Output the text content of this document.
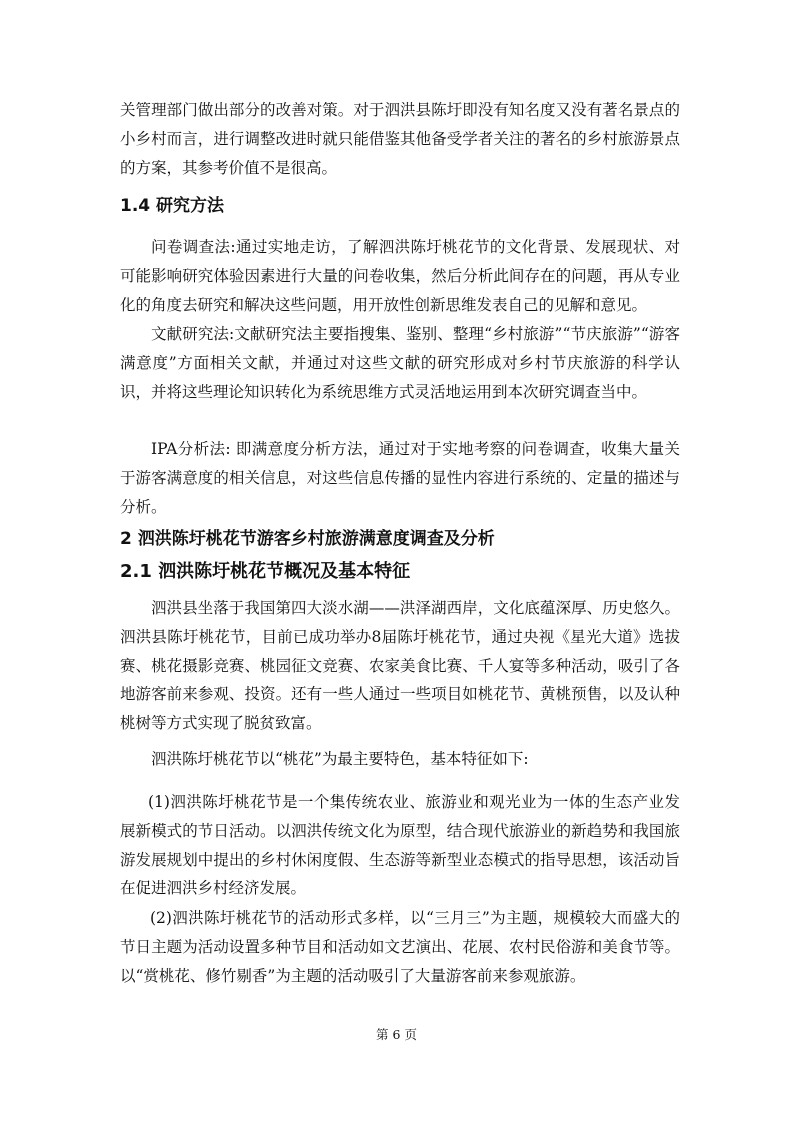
关管理部门做出部分的改善对策。对于泗洪县陈圩即没有知名度又没有著名景点的小乡村而言，进行调整改进时就只能借鉴其他备受学者关注的著名的乡村旅游景点的方案，其参考价值不是很高。

1.4 研究方法

问卷调查法:通过实地走访，了解泗洪陈圩桃花节的文化背景、发展现状、对可能影响研究体验因素进行大量的问卷收集，然后分析此间存在的问题，再从专业化的角度去研究和解决这些问题，用开放性创新思维发表自己的见解和意见。

文献研究法:文献研究法主要指搜集、鉴别、整理“乡村旅游”“节庆旅游”“游客满意度”方面相关文献，并通过对这些文献的研究形成对乡村节庆旅游的科学认识，并将这些理论知识转化为系统思维方式灵活地运用到本次研究调查当中。

IPA分析法: 即满意度分析方法，通过对于实地考察的问卷调查，收集大量关于游客满意度的相关信息，对这些信息传播的显性内容进行系统的、定量的描述与分析。

2 泗洪陈圩桃花节游客乡村旅游满意度调查及分析
2.1 泗洪陈圩桃花节概况及基本特征

泗洪县坐落于我国第四大淡水湖——洪泽湖西岸，文化底蕴深厚、历史悠久。泗洪县陈圩桃花节，目前已成功举办8届陈圩桃花节，通过央视《星光大道》选拔赛、桃花摄影竞赛、桃园征文竞赛、农家美食比赛、千人宴等多种活动，吸引了各地游客前来参观、投资。还有一些人通过一些项目如桃花节、黄桃预售，以及认种桃树等方式实现了脱贫致富。

泗洪陈圩桃花节以“桃花”为最主要特色，基本特征如下:

(1)泗洪陈圩桃花节是一个集传统农业、旅游业和观光业为一体的生态产业发展新模式的节日活动。以泗洪传统文化为原型，结合现代旅游业的新趋势和我国旅游发展规划中提出的乡村休闲度假、生态游等新型业态模式的指导思想，该活动旨在促进泗洪乡村经济发展。

(2)泗洪陈圩桃花节的活动形式多样，以“三月三”为主题，规模较大而盛大的节日主题为活动设置多种节目和活动如文艺演出、花展、农村民俗游和美食节等。以“赏桃花、修竹剔香”为主题的活动吸引了大量游客前来参观旅游。

第 6 页
